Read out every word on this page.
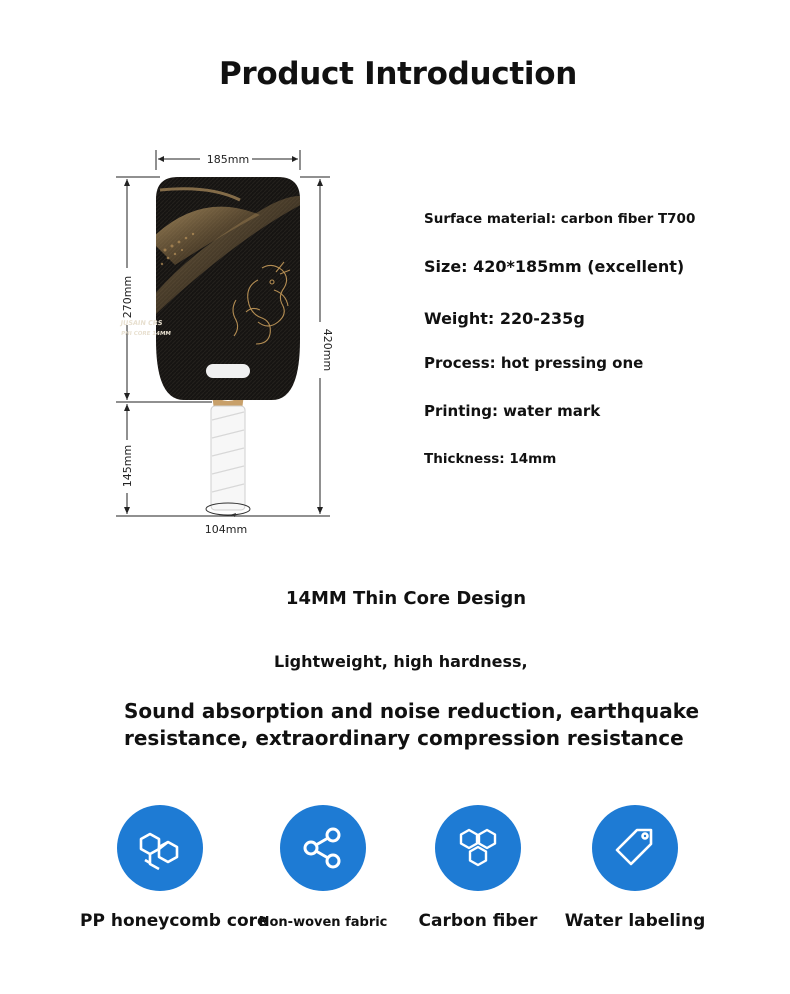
Product Introduction
185mm
270mm
145mm
420mm
JUSAIN CRS
PHI CORE 14MM
104mm
Surface material: carbon fiber T700
Size: 420*185mm (excellent)
Weight: 220-235g
Process: hot pressing one
Printing: water mark
Thickness: 14mm
14MM Thin Core Design
Lightweight, high hardness,
Sound absorption and noise reduction, earthquake resistance, extraordinary compression resistance
PP honeycomb core
Non-woven fabric	Carbon fiber	Water labeling
